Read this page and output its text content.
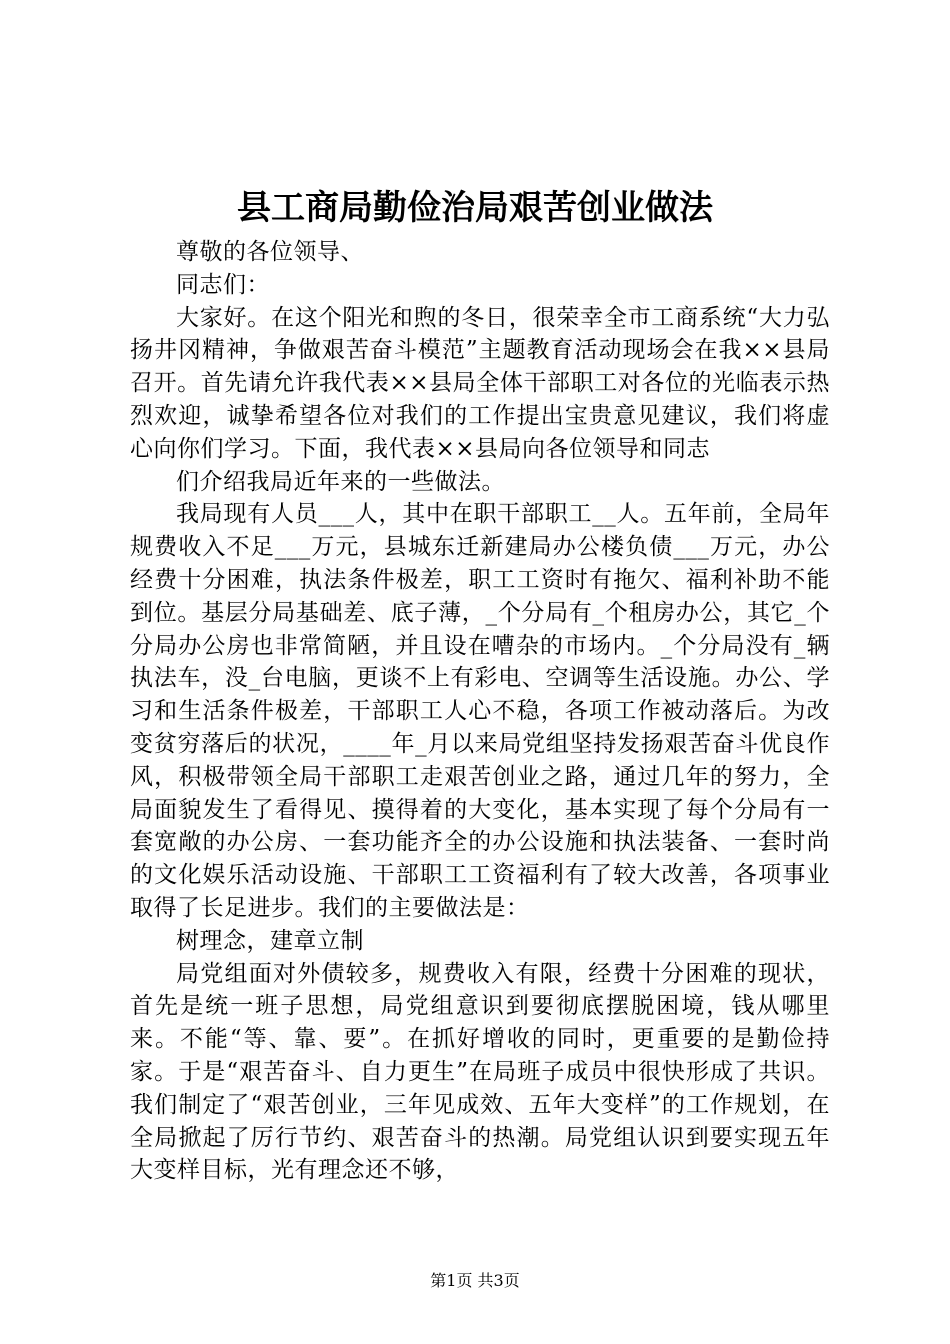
县工商局勤俭治局艰苦创业做法

尊敬的各位领导、

同志们：

大家好。在这个阳光和煦的冬日，很荣幸全市工商系统“大力弘扬井冈精神，争做艰苦奋斗模范”主题教育活动现场会在我××县局召开。首先请允许我代表××县局全体干部职工对各位的光临表示热烈欢迎，诚挚希望各位对我们的工作提出宝贵意见建议，我们将虚心向你们学习。下面，我代表××县局向各位领导和同志

们介绍我局近年来的一些做法。

我局现有人员___人，其中在职干部职工__人。五年前，全局年规费收入不足___万元，县城东迁新建局办公楼负债___万元，办公经费十分困难，执法条件极差，职工工资时有拖欠、福利补助不能到位。基层分局基础差、底子薄，_个分局有_个租房办公，其它_个分局办公房也非常简陋，并且设在嘈杂的市场内。_个分局没有_辆执法车，没_台电脑，更谈不上有彩电、空调等生活设施。办公、学习和生活条件极差，干部职工人心不稳，各项工作被动落后。为改变贫穷落后的状况，____年_月以来局党组坚持发扬艰苦奋斗优良作风，积极带领全局干部职工走艰苦创业之路，通过几年的努力，全局面貌发生了看得见、摸得着的大变化，基本实现了每个分局有一套宽敞的办公房、一套功能齐全的办公设施和执法装备、一套时尚的文化娱乐活动设施、干部职工工资福利有了较大改善，各项事业取得了长足进步。我们的主要做法是：

树理念，建章立制

局党组面对外债较多，规费收入有限，经费十分困难的现状，首先是统一班子思想，局党组意识到要彻底摆脱困境，钱从哪里来。不能“等、靠、要”。在抓好增收的同时，更重要的是勤俭持家。于是“艰苦奋斗、自力更生”在局班子成员中很快形成了共识。我们制定了“艰苦创业，三年见成效、五年大变样”的工作规划，在全局掀起了厉行节约、艰苦奋斗的热潮。局党组认识到要实现五年大变样目标，光有理念还不够，

第1页 共3页
